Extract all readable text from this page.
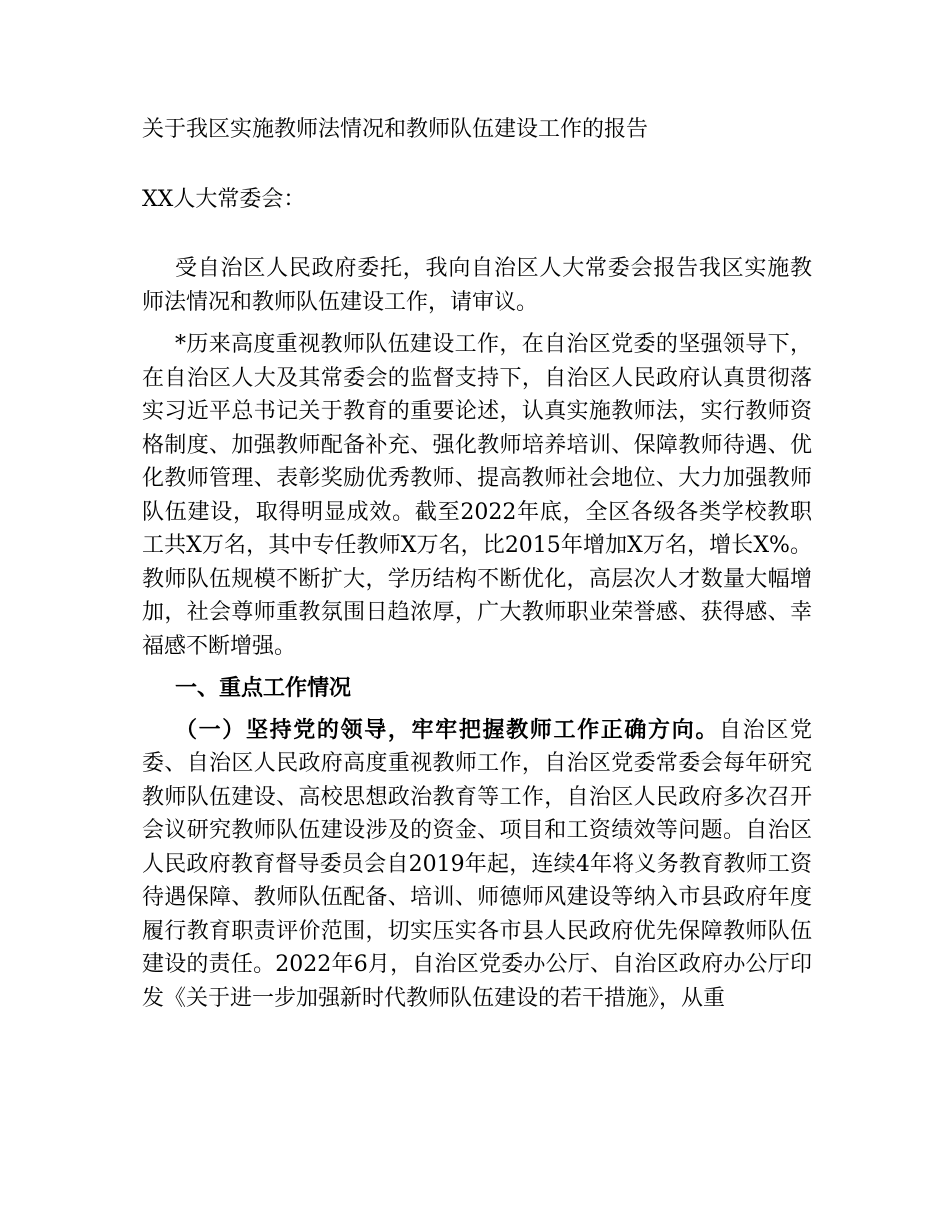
关于我区实施教师法情况和教师队伍建设工作的报告

XX人大常委会：

受自治区人民政府委托，我向自治区人大常委会报告我区实施教师法情况和教师队伍建设工作，请审议。

*历来高度重视教师队伍建设工作，在自治区党委的坚强领导下，在自治区人大及其常委会的监督支持下，自治区人民政府认真贯彻落实习近平总书记关于教育的重要论述，认真实施教师法，实行教师资格制度、加强教师配备补充、强化教师培养培训、保障教师待遇、优化教师管理、表彰奖励优秀教师、提高教师社会地位、大力加强教师队伍建设，取得明显成效。截至2022年底，全区各级各类学校教职工共X万名，其中专任教师X万名，比2015年增加X万名，增长X%。教师队伍规模不断扩大，学历结构不断优化，高层次人才数量大幅增加，社会尊师重教氛围日趋浓厚，广大教师职业荣誉感、获得感、幸福感不断增强。

一、重点工作情况

（一）坚持党的领导，牢牢把握教师工作正确方向。自治区党委、自治区人民政府高度重视教师工作，自治区党委常委会每年研究教师队伍建设、高校思想政治教育等工作，自治区人民政府多次召开会议研究教师队伍建设涉及的资金、项目和工资绩效等问题。自治区人民政府教育督导委员会自2019年起，连续4年将义务教育教师工资待遇保障、教师队伍配备、培训、师德师风建设等纳入市县政府年度履行教育职责评价范围，切实压实各市县人民政府优先保障教师队伍建设的责任。2022年6月，自治区党委办公厅、自治区政府办公厅印发《关于进一步加强新时代教师队伍建设的若干措施》，从重
